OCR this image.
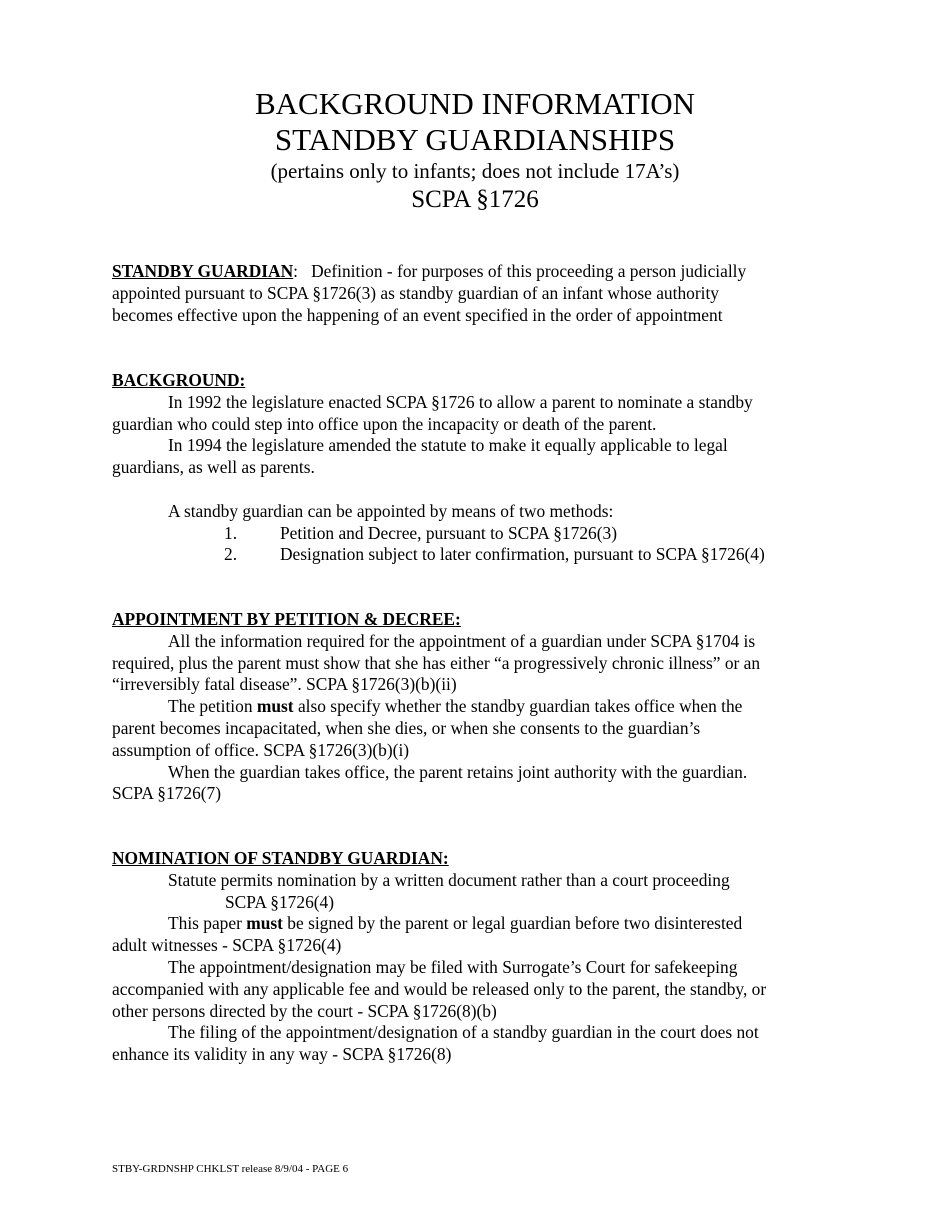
BACKGROUND INFORMATION
STANDBY GUARDIANSHIPS
(pertains only to infants; does not include 17A’s)
SCPA §1726
STANDBY GUARDIAN: Definition - for purposes of this proceeding a person judicially
appointed pursuant to SCPA §1726(3) as standby guardian of an infant whose authority
becomes effective upon the happening of an event specified in the order of appointment
BACKGROUND:
In 1992 the legislature enacted SCPA §1726 to allow a parent to nominate a standby
guardian who could step into office upon the incapacity or death of the parent.
In 1994 the legislature amended the statute to make it equally applicable to legal
guardians, as well as parents.
A standby guardian can be appointed by means of two methods:
1.	Petition and Decree, pursuant to SCPA §1726(3)
2.	Designation subject to later confirmation, pursuant to SCPA §1726(4)
APPOINTMENT BY PETITION & DECREE:
All the information required for the appointment of a guardian under SCPA §1704 is
required, plus the parent must show that she has either “a progressively chronic illness” or an
“irreversibly fatal disease”. SCPA §1726(3)(b)(ii)
The petition must also specify whether the standby guardian takes office when the
parent becomes incapacitated, when she dies, or when she consents to the guardian’s
assumption of office. SCPA §1726(3)(b)(i)
When the guardian takes office, the parent retains joint authority with the guardian.
SCPA §1726(7)
NOMINATION OF STANDBY GUARDIAN:
Statute permits nomination by a written document rather than a court proceeding
SCPA §1726(4)
This paper must be signed by the parent or legal guardian before two disinterested
adult witnesses - SCPA §1726(4)
The appointment/designation may be filed with Surrogate’s Court for safekeeping
accompanied with any applicable fee and would be released only to the parent, the standby, or
other persons directed by the court - SCPA §1726(8)(b)
The filing of the appointment/designation of a standby guardian in the court does not
enhance its validity in any way - SCPA §1726(8)
STBY-GRDNSHP CHKLST release 8/9/04 - PAGE 6
